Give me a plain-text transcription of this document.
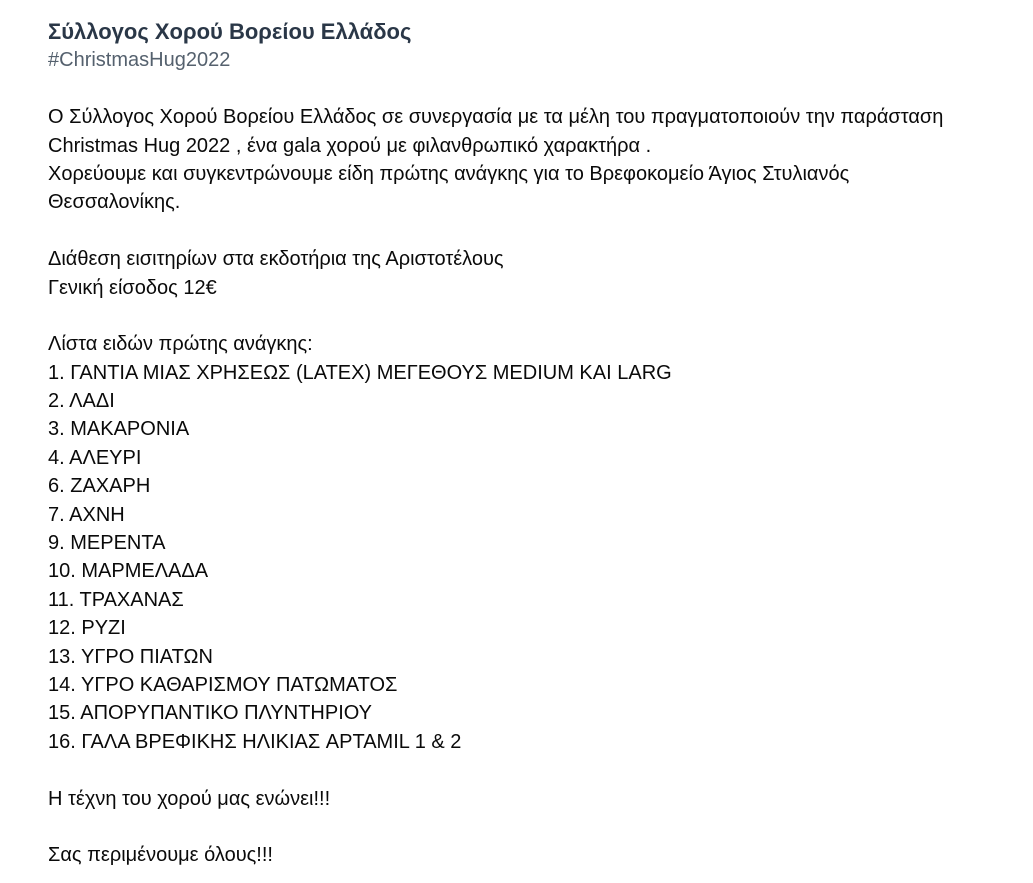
Σύλλογος Χορού Βορείου Ελλάδος
#ChristmasHug2022
Ο Σύλλογος Χορού Βορείου Ελλάδος σε συνεργασία με τα μέλη του πραγματοποιούν την παράσταση
Christmas Hug 2022 , ένα gala χορού με φιλανθρωπικό χαρακτήρα .
Χορεύουμε και συγκεντρώνουμε είδη πρώτης ανάγκης για το Βρεφοκομείο Άγιος Στυλιανός
Θεσσαλονίκης.
Διάθεση εισιτηρίων στα εκδοτήρια της Αριστοτέλους
Γενική είσοδος 12€
Λίστα ειδών πρώτης ανάγκης:
1. ΓΑΝΤΙΑ ΜΙΑΣ ΧΡΗΣΕΩΣ (LATEX) ΜΕΓΕΘΟΥΣ MEDIUM ΚΑΙ LARG
2. ΛΑΔΙ
3. ΜΑΚΑΡΟΝΙΑ
4. ΑΛΕΥΡΙ
6. ΖΑΧΑΡΗ
7. ΑΧΝΗ
9. ΜΕΡΕΝΤΑ
10. ΜΑΡΜΕΛΑΔΑ
11. ΤΡΑΧΑΝΑΣ
12. ΡΥΖΙ
13. ΥΓΡΟ ΠΙΑΤΩΝ
14. ΥΓΡΟ ΚΑΘΑΡΙΣΜΟΥ ΠΑΤΩΜΑΤΟΣ
15. ΑΠΟΡΥΠΑΝΤΙΚΟ ΠΛΥΝΤΗΡΙΟΥ
16. ΓΑΛΑ ΒΡΕΦΙΚΗΣ ΗΛΙΚΙΑΣ APTAMIL 1 & 2
Η τέχνη του χορού μας ενώνει!!!
Σας περιμένουμε όλους!!!
